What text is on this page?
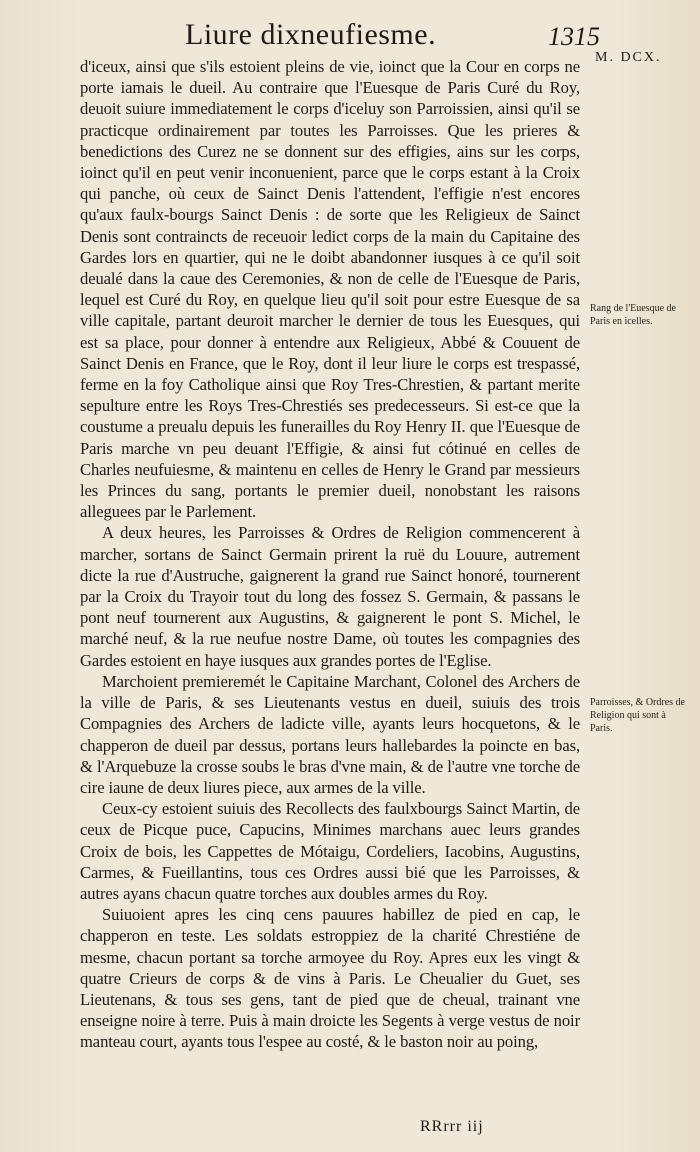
Liure dixneufiesme.	1315
M. DCX.

d'iceux, ainsi que s'ils estoient pleins de vie, ioinct que la Cour en corps ne porte iamais le dueil. Au contraire que l'Euesque de Paris Curé du Roy, deuoit suiure immediatement le corps d'iceluy son Parroissien, ainsi qu'il se practicque ordinairement par toutes les Parroisses. Que les prieres & benedictions des Curez ne se donnent sur des effigies, ains sur les corps, ioinct qu'il en peut venir inconuenient, parce que le corps estant à la Croix qui panche, où ceux de Sainct Denis l'attendent, l'effigie n'est encores qu'aux faulx-bourgs Sainct Denis : de sorte que les Religieux de Sainct Denis sont contraincts de receuoir ledict corps de la main du Capitaine des Gardes lors en quartier, qui ne le doibt abandonner iusques à ce qu'il soit deualé dans la caue des Ceremonies, & non de celle de l'Euesque de Paris, lequel est Curé du Roy, en quelque lieu qu'il soit pour estre Euesque de sa ville capitale, partant deuroit marcher le dernier de tous les Euesques, qui est sa place, pour donner à entendre aux Religieux, Abbé & Couuent de Sainct Denis en France, que le Roy, dont il leur liure le corps est trespassé, ferme en la foy Catholique ainsi que Roy Tres-Chrestien, & partant merite sepulture entre les Roys Tres-Chrestiés ses predecesseurs. Si est-ce que la coustume a preualu depuis les funerailles du Roy Henry II. que l'Euesque de Paris marche vn peu deuant l'Effigie, & ainsi fut cótinué en celles de Charles neufuiesme, & maintenu en celles de Henry le Grand par messieurs les Princes du sang, portants le premier dueil, nonobstant les raisons alleguees par le Parlement.

A deux heures, les Parroisses & Ordres de Religion commencerent à marcher, sortans de Sainct Germain prirent la ruë du Louure, autrement dicte la rue d'Austruche, gaignerent la grand rue Sainct honoré, tournerent par la Croix du Trayoir tout du long des fossez S. Germain, & passans le pont neuf tournerent aux Augustins, & gaignerent le pont S. Michel, le marché neuf, & la rue neufue nostre Dame, où toutes les compagnies des Gardes estoient en haye iusques aux grandes portes de l'Eglise.

Marchoient premieremét le Capitaine Marchant, Colonel des Archers de la ville de Paris, & ses Lieutenants vestus en dueil, suiuis des trois Compagnies des Archers de ladicte ville, ayants leurs hocquetons, & le chapperon de dueil par dessus, portans leurs hallebardes la poincte en bas, & l'Arquebuze la crosse soubs le bras d'vne main, & de l'autre vne torche de cire iaune de deux liures piece, aux armes de la ville.

Ceux-cy estoient suiuis des Recollects des faulxbourgs Sainct Martin, de ceux de Picque puce, Capucins, Minimes marchans auec leurs grandes Croix de bois, les Cappettes de Mótaigu, Cordeliers, Iacobins, Augustins, Carmes, & Fueillantins, tous ces Ordres aussi bié que les Parroisses, & autres ayans chacun quatre torches aux doubles armes du Roy.

Suiuoient apres les cinq cens pauures habillez de pied en cap, le chapperon en teste. Les soldats estroppiez de la charité Chrestiéne de mesme, chacun portant sa torche armoyee du Roy. Apres eux les vingt & quatre Crieurs de corps & de vins à Paris. Le Cheualier du Guet, ses Lieutenans, & tous ses gens, tant de pied que de cheual, trainant vne enseigne noire à terre. Puis à main droicte les Segents à verge vestus de noir manteau court, ayants tous l'espee au costé, & le baston noir au poing,

Rang de l'Euesque de Paris en icelles.
Parroisses, & Ordres de Religion qui sont à Paris.
RRrrr iij
